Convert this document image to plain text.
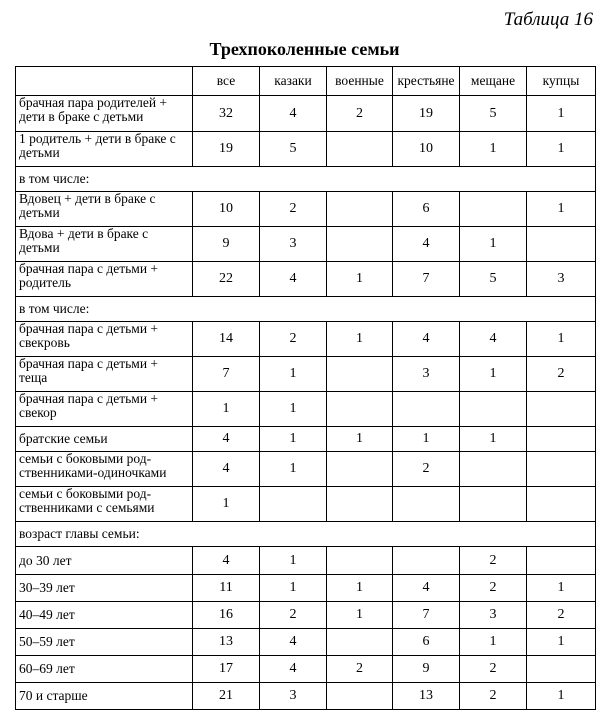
Таблица 16
Трехпоколенные семьи
	все	казаки	военные	крестьяне	мещане	купцы
брачная пара родителей + дети в браке с детьми	32	4	2	19	5	1
1 родитель + дети в браке с детьми	19	5		10	1	1
в том числе:						
Вдовец + дети в браке с детьми	10	2		6		1
Вдова + дети в браке с детьми	9	3		4	1	
брачная пара с детьми + родитель	22	4	1	7	5	3
в том числе:						
брачная пара с детьми + свекровь	14	2	1	4	4	1
брачная пара с детьми + теща	7	1		3	1	2
брачная пара с детьми + свекор	1	1				
братские семьи	4	1	1	1	1	
семьи с боковыми род-ственниками-одиночками	4	1		2		
семьи с боковыми род-ственниками с семьями	1					
возраст главы семьи:						
до 30 лет	4	1			2	
30–39 лет	11	1	1	4	2	1
40–49 лет	16	2	1	7	3	2
50–59 лет	13	4		6	1	1
60–69 лет	17	4	2	9	2	
70 и старше	21	3		13	2	1
